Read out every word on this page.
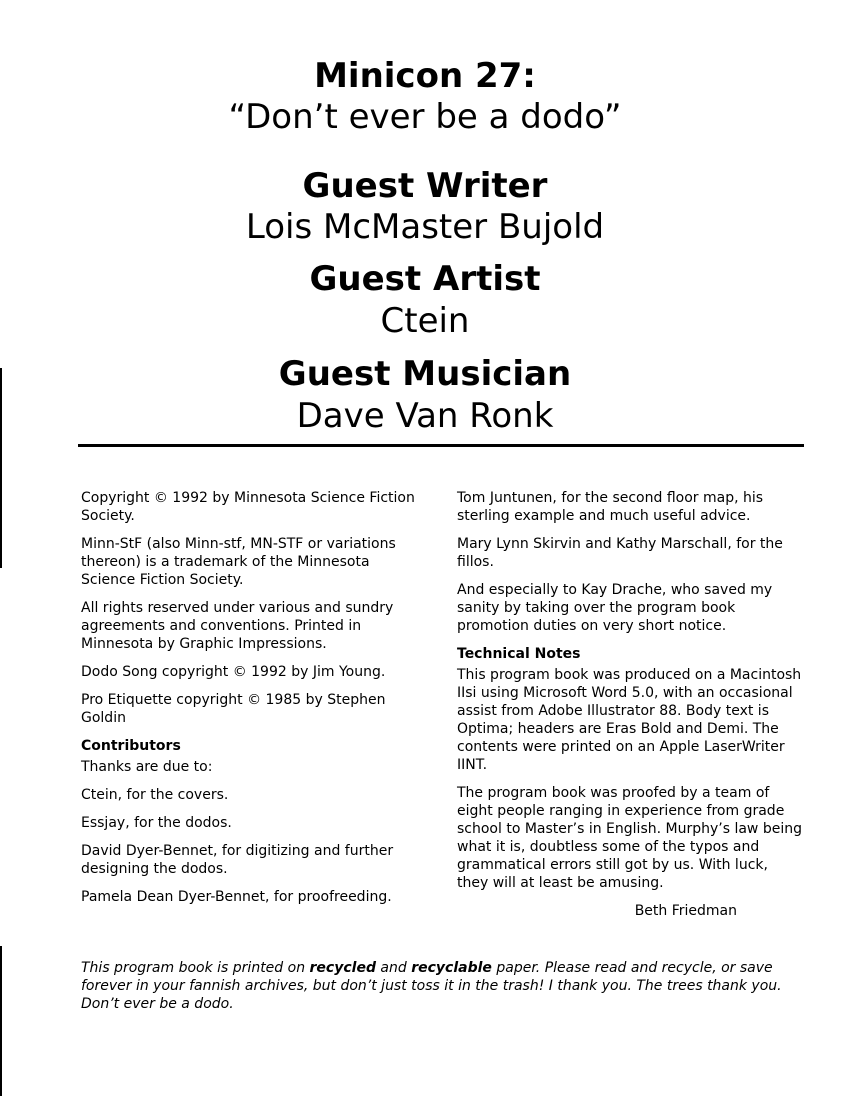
Minicon 27:
“Don’t ever be a dodo”
Guest Writer
Lois McMaster Bujold
Guest Artist
Ctein
Guest Musician
Dave Van Ronk

Copyright © 1992 by Minnesota Science Fiction Society.

Minn-StF (also Minn-stf, MN-STF or variations thereon) is a trademark of the Minnesota Science Fiction Society.

All rights reserved under various and sundry agreements and conventions. Printed in Minnesota by Graphic Impressions.

Dodo Song copyright © 1992 by Jim Young.

Pro Etiquette copyright © 1985 by Stephen Goldin

Contributors

Thanks are due to:

Ctein, for the covers.

Essjay, for the dodos.

David Dyer-Bennet, for digitizing and further designing the dodos.

Pamela Dean Dyer-Bennet, for proofreeding.

Tom Juntunen, for the second floor map, his sterling example and much useful advice.

Mary Lynn Skirvin and Kathy Marschall, for the fillos.

And especially to Kay Drache, who saved my sanity by taking over the program book promotion duties on very short notice.

Technical Notes

This program book was produced on a Macintosh IIsi using Microsoft Word 5.0, with an occasional assist from Adobe Illustrator 88. Body text is Optima; headers are Eras Bold and Demi. The contents were printed on an Apple LaserWriter IINT.

The program book was proofed by a team of eight people ranging in experience from grade school to Master’s in English. Murphy’s law being what it is, doubtless some of the typos and grammatical errors still got by us. With luck, they will at least be amusing.

Beth Friedman
This program book is printed on recycled and recyclable paper. Please read and recycle, or save forever in your fannish archives, but don’t just toss it in the trash! I thank you. The trees thank you. Don’t ever be a dodo.
